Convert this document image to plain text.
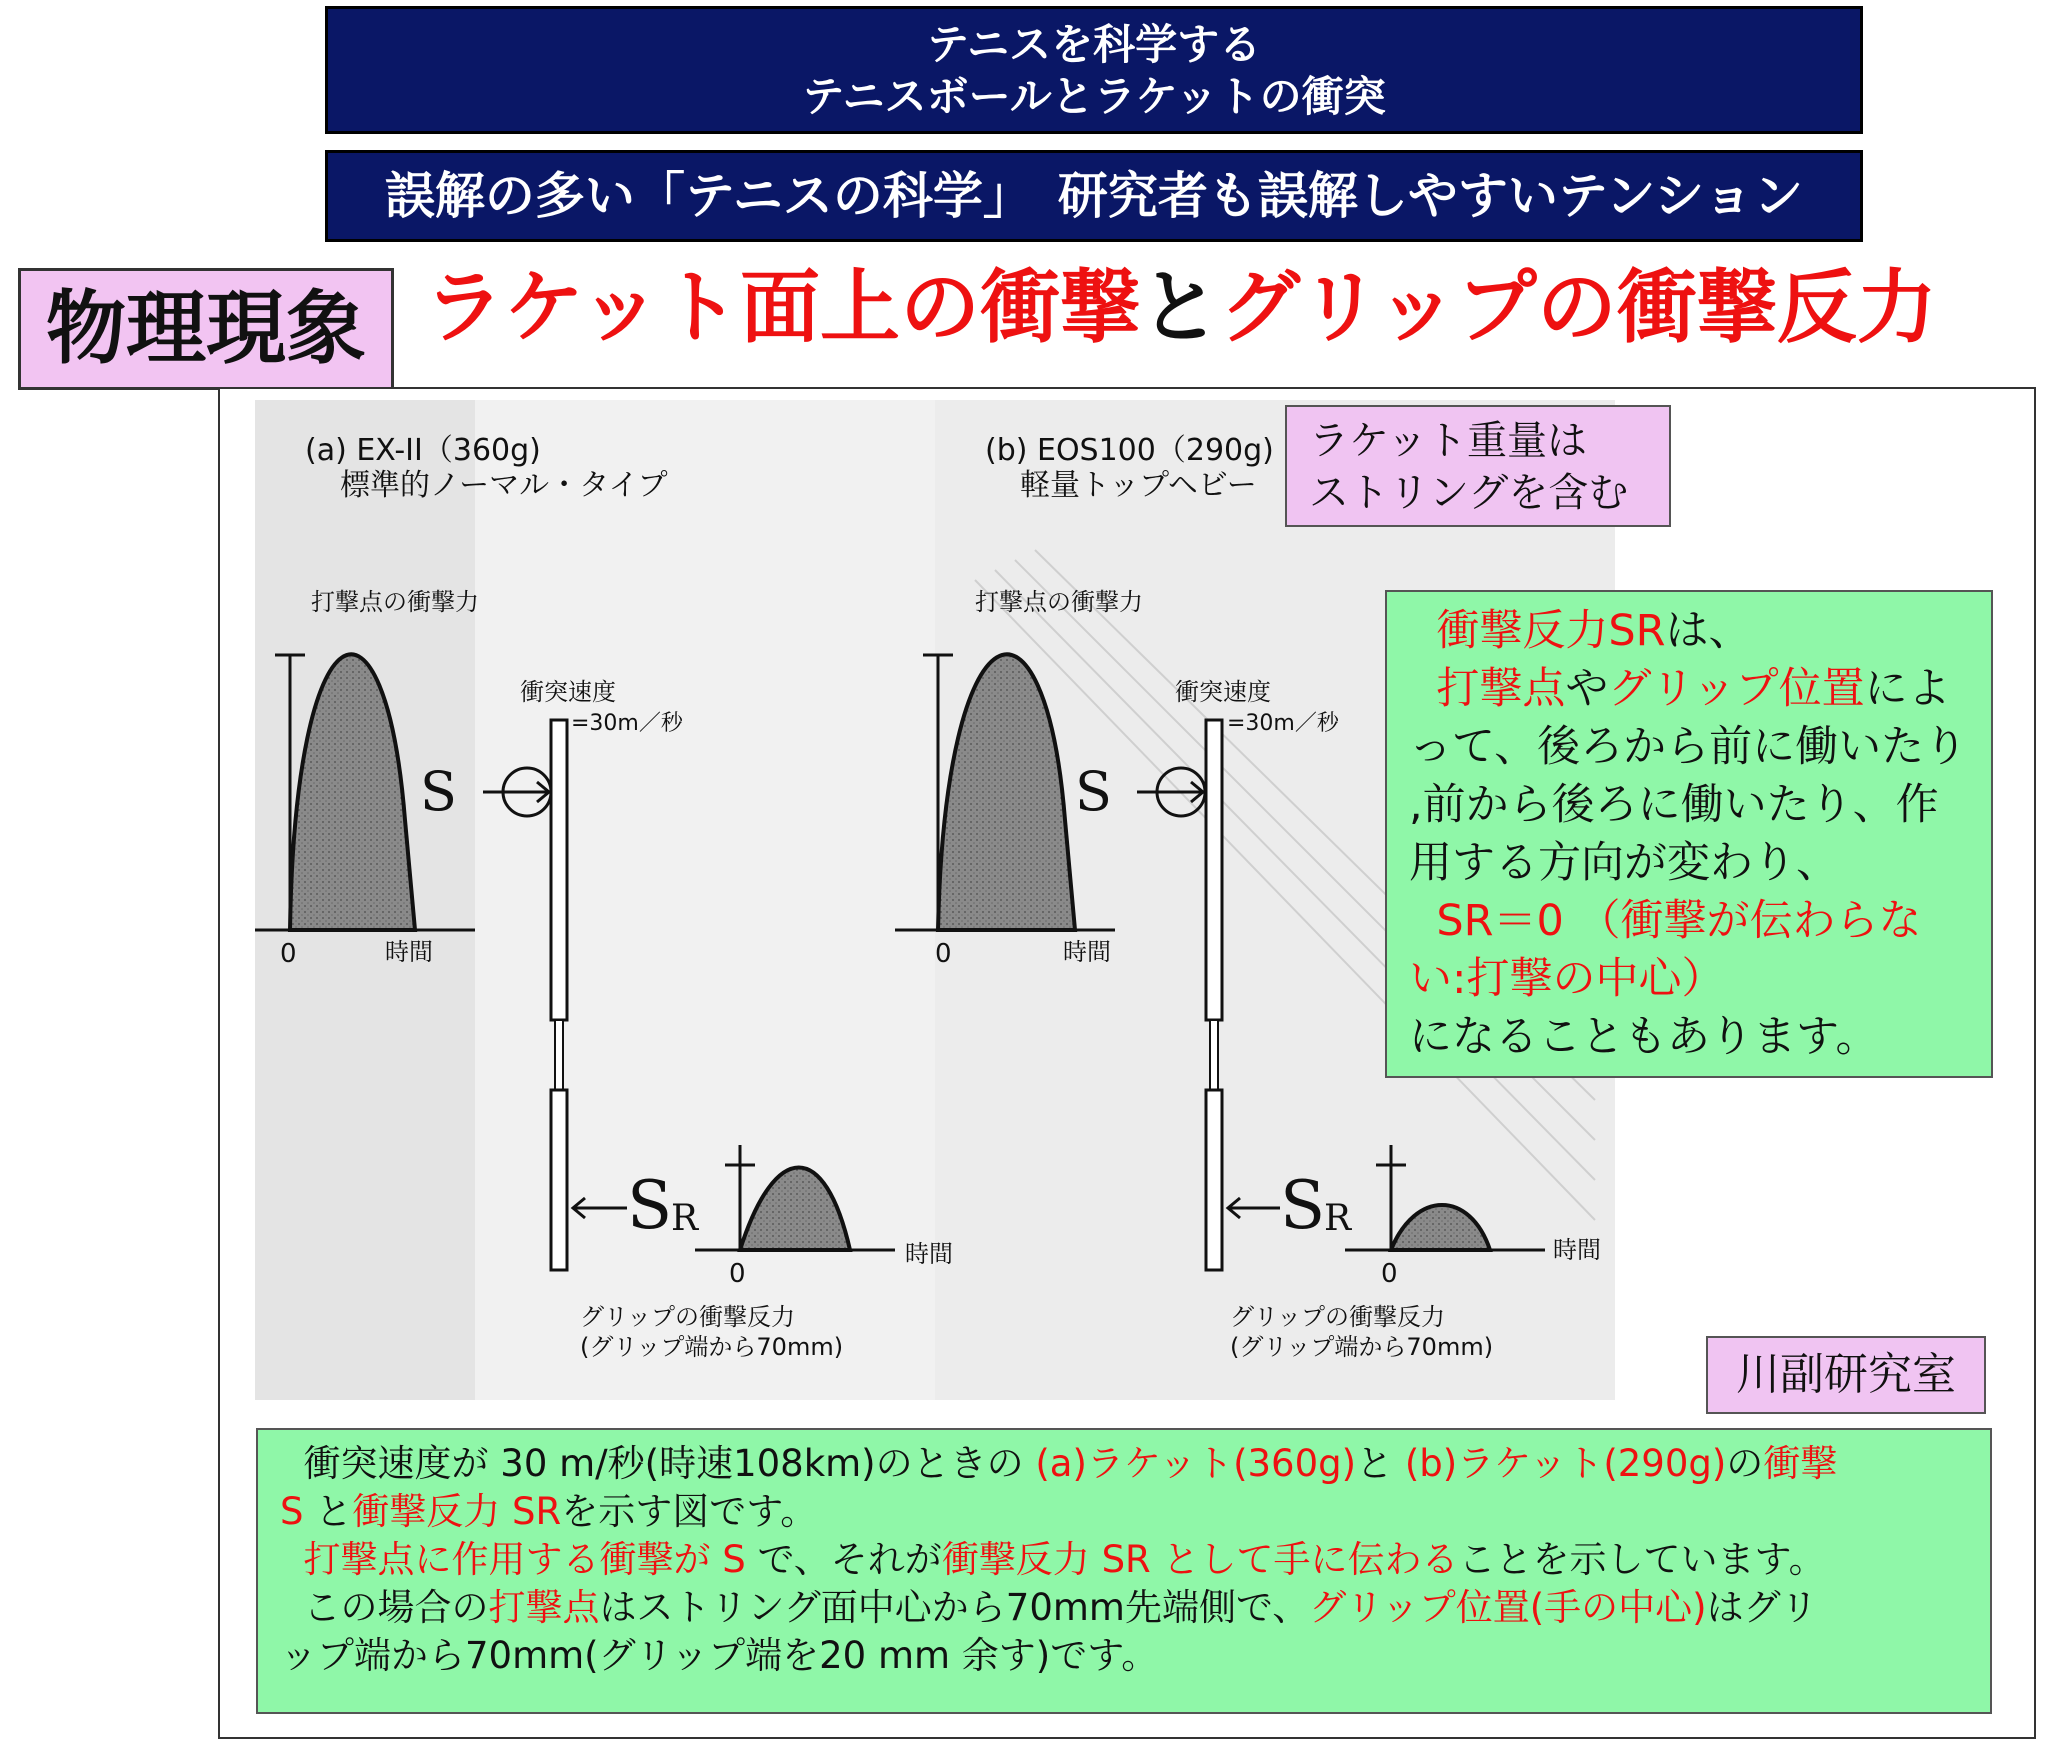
テニスを科学する
テニスボールとラケットの衝突
誤解の多い「テニスの科学」　研究者も誤解しやすいテンション
物理現象 ラケット面上の衝撃とグリップの衝撃反力
(a) EX-II（360g)
標準的ノーマル・タイプ
打撃点の衝撃力
0	時間
衝突速度
=30m／秒
S
S
R
0
時間
グリップの衝撃反力
(グリップ端から70mm)
(b) EOS100（290g)
軽量トップヘビー
打撃点の衝撃力
0	時間
衝突速度
=30m／秒
S
S
R
0
時間
グリップの衝撃反力
(グリップ端から70mm)
ラケット重量は
ストリングを含む
衝撃反力SRは、
打撃点やグリップ位置によ
って、後ろから前に働いたり
,前から後ろに働いたり、作
用する方向が変わり、
SR＝0 （衝撃が伝わらな
い:打撃の中心）
になることもあります。
川副研究室
衝突速度が 30 m/秒(時速108km)のときの (a)ラケット(360g)と (b)ラケット(290g)の衝撃
S と衝撃反力 SRを示す図です。
打撃点に作用する衝撃が S で、それが衝撃反力 SR として手に伝わることを示しています。
この場合の打撃点はストリング面中心から70mm先端側で、グリップ位置(手の中心)はグリ
ップ端から70mm(グリップ端を20 mm 余す)です。
